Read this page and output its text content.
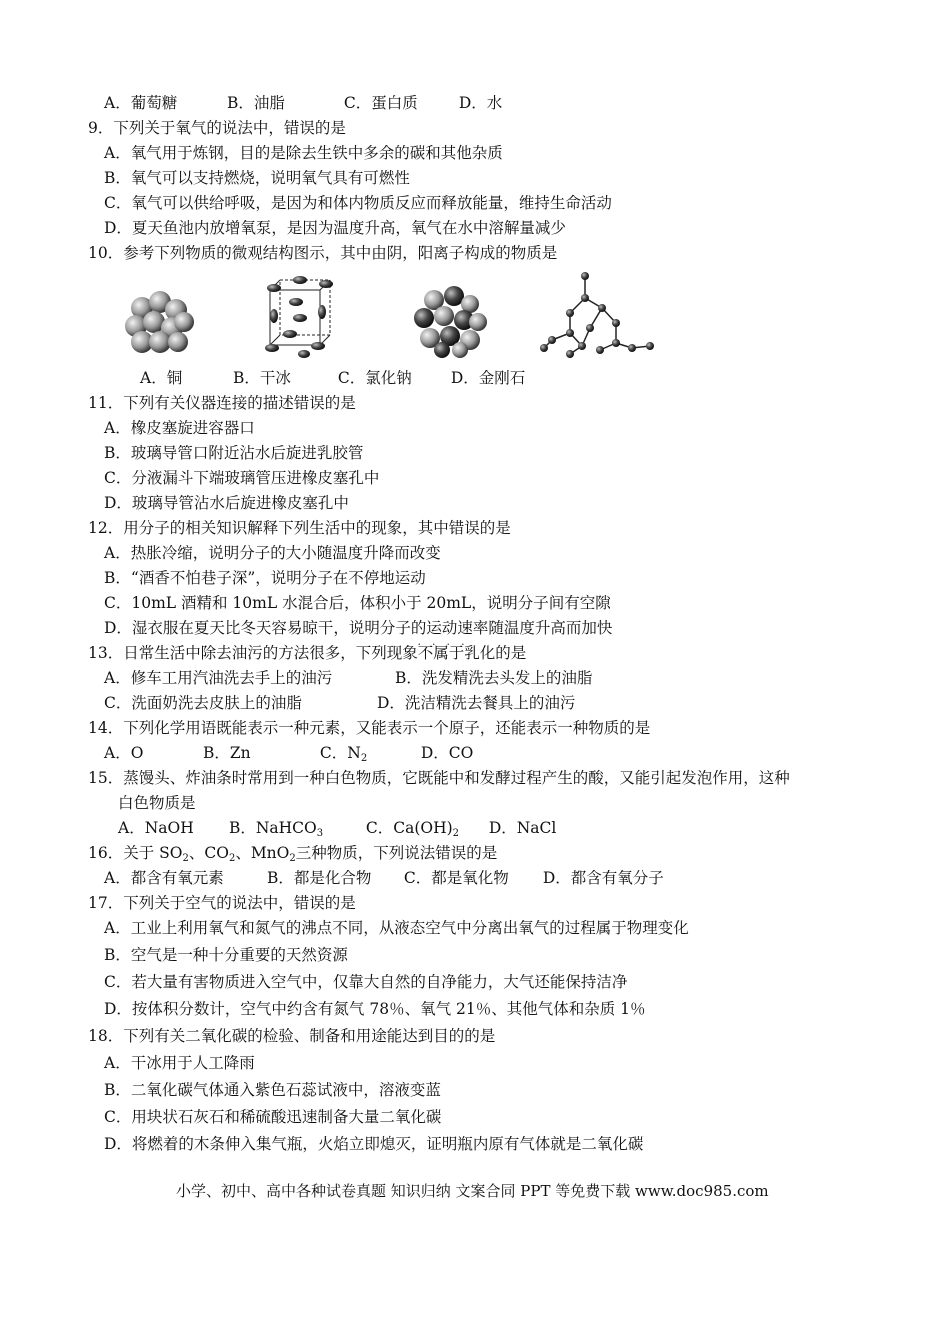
A．葡萄糖	B．油脂	C．蛋白质	D．水
9．下列关于氧气的说法中，错误的是
A．氧气用于炼钢，目的是除去生铁中多余的碳和其他杂质
B．氧气可以支持燃烧，说明氧气具有可燃性
C．氧气可以供给呼吸，是因为和体内物质反应而释放能量，维持生命活动
D．夏天鱼池内放增氧泵，是因为温度升高，氧气在水中溶解量减少
10．参考下列物质的微观结构图示，其中由阴，阳离子构成的物质是
A．铜	B．干冰	C．氯化钠	D．金刚石
11．下列有关仪器连接的描述错误的是
A．橡皮塞旋进容器口
B．玻璃导管口附近沾水后旋进乳胶管
C．分液漏斗下端玻璃管压进橡皮塞孔中
D．玻璃导管沾水后旋进橡皮塞孔中
12．用分子的相关知识解释下列生活中的现象，其中错误的是
A．热胀冷缩，说明分子的大小随温度升降而改变
B．“酒香不怕巷子深”，说明分子在不停地运动
C．10mL 酒精和 10mL 水混合后，体积小于 20mL，说明分子间有空隙
D．湿衣服在夏天比冬天容易晾干，说明分子的运动速率随温度升高而加快
13．日常生活中除去油污的方法很多，下列现象不属于 • • • •乳化的是
A．修车工用汽油洗去手上的油污	B．洗发精洗去头发上的油脂
C．洗面奶洗去皮肤上的油脂	D．洗洁精洗去餐具上的油污
14．下列化学用语既能表示一种元素，又能表示一个原子，还能表示一种物质的是
A．O	B．Zn	C．$N_2$	D．CO
15．蒸馒头、炸油条时常用到一种白色物质，它既能中和发酵过程产生的酸，又能引起发泡作用，这种
白色物质是
A．NaOH B．NaHCO$_3$	C．$Ca(OH)_2$ D．NaCl
16．关于 $SO_2$、$CO_2$、MnO$_2$三种物质，下列说法错误的是
A．都含有氧元素	B．都是化合物 C．都是氧化物 D．都含有氧分子
17．下列关于空气的说法中，错误的是
A．工业上利用氧气和氮气的沸点不同，从液态空气中分离出氧气的过程属于物理变化
B．空气是一种十分重要的天然资源
C．若大量有害物质进入空气中，仅靠大自然的自净能力，大气还能保持洁净
D．按体积分数计，空气中约含有氮气 78％、氧气 21％、其他气体和杂质 1％
18．下列有关二氧化碳的检验、制备和用途能达到目的的是
A．干冰用于人工降雨
B．二氧化碳气体通入紫色石蕊试液中，溶液变蓝
C．用块状石灰石和稀硫酸迅速制备大量二氧化碳
D．将燃着的木条伸入集气瓶，火焰立即熄灭，证明瓶内原有气体就是二氧化碳
小学、初中、高中各种试卷真题 知识归纳 文案合同 PPT 等免费下载 www.doc985.com
